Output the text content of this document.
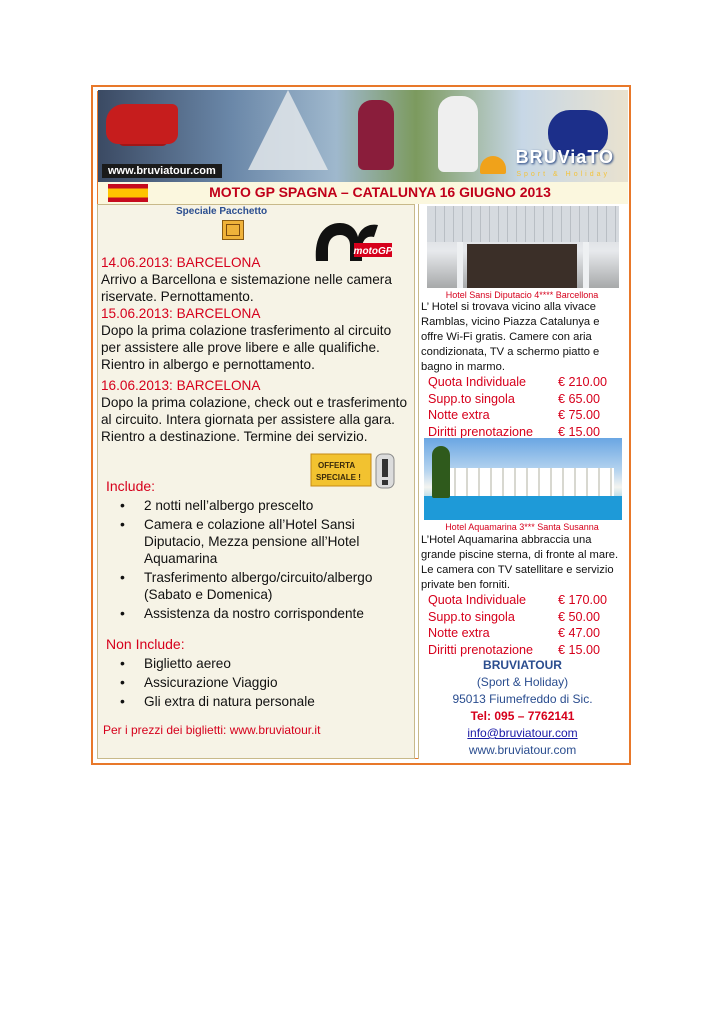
www.bruviatour.com
BRUViaTO
Sport & Holiday
MOTO GP SPAGNA – CATALUNYA 16 GIUGNO 2013
Speciale Pacchetto
motoGP
14.06.2013: BARCELONA
Arrivo a Barcellona e sistemazione nelle camera riservate. Pernottamento.
15.06.2013: BARCELONA
Dopo la prima colazione trasferimento al circuito per assistere alle prove libere e alle qualifiche. Rientro in albergo e pernottamento.
16.06.2013: BARCELONA
Dopo la prima colazione, check out e trasferimento al circuito. Intera giornata per assistere alla gara. Rientro a destinazione. Termine dei servizio.
OFFERTA
SPECIALE !
Include:
• 2 notti nell’albergo prescelto
• Camera e colazione all’Hotel Sansi Diputacio, Mezza pensione all’Hotel Aquamarina
• Trasferimento albergo/circuito/albergo (Sabato e Domenica)
• Assistenza da nostro corrispondente
Non Include:
• Biglietto aereo
• Assicurazione Viaggio
• Gli extra di natura personale
Per i prezzi dei biglietti: www.bruviatour.it
Hotel Sansi Diputacio 4**** Barcellona
L’ Hotel si trovava vicino alla vivace Ramblas, vicino Piazza Catalunya e offre Wi-Fi gratis. Camere con aria condizionata, TV a schermo piatto e bagno in marmo.
Quota Individuale	€ 210.00
Supp.to singola	€ 65.00
Notte extra	€ 75.00
Diritti prenotazione € 15.00
Hotel Aquamarina 3*** Santa Susanna
L’Hotel Aquamarina abbraccia una grande piscine sterna, di fronte al mare. Le camera con TV satellitare e servizio private ben forniti.
Quota Individuale	€ 170.00
Supp.to singola	€ 50.00
Notte extra	€ 47.00
Diritti prenotazione € 15.00
BRUVIATOUR
(Sport & Holiday)
95013 Fiumefreddo di Sic.
Tel: 095 – 7762141
info@bruviatour.com
www.bruviatour.com
